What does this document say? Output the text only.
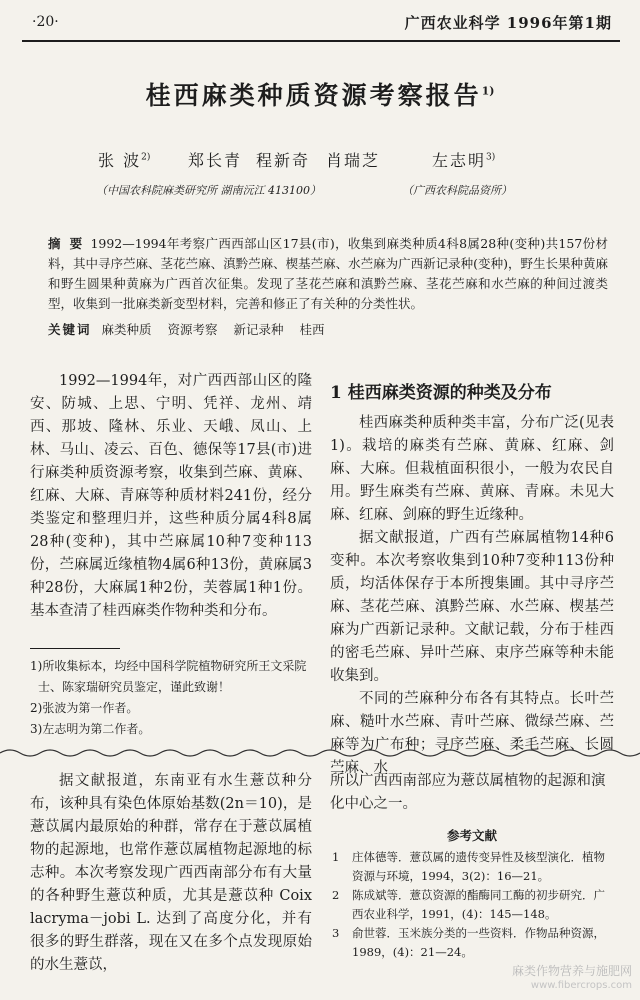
·20·	广西农业科学 1996年第1期
桂西麻类种质资源考察报告$^{1)}$
张 波$^{2)}$ 郑长青 程新奇 肖瑞芝	左志明$^{3)}$
（中国农科院麻类研究所 湖南沅江 413100）	（广西农科院品资所）
摘 要 1992—1994年考察广西西部山区17县(市)，收集到麻类种质4科8属28种(变种)共157份材料，其中寻序苎麻、茎花苎麻、滇黔苎麻、楔基苎麻、水苎麻为广西新记录种(变种)，野生长果种黄麻和野生圆果种黄麻为广西首次征集。发现了茎花苎麻和滇黔苎麻、茎花苎麻和水苎麻的种间过渡类型，收集到一批麻类新变型材料，完善和修正了有关种的分类性状。
关键词 麻类种质 资源考察 新记录种 桂西

1992—1994年，对广西西部山区的隆安、防城、上思、宁明、凭祥、龙州、靖西、那坡、隆林、乐业、天峨、凤山、上林、马山、凌云、百色、德保等17县(市)进行麻类种质资源考察，收集到苎麻、黄麻、红麻、大麻、青麻等种质材料241份，经分类鉴定和整理归并，这些种质分属4科8属28种(变种)，其中苎麻属10种7变种113份，苎麻属近缘植物4属6种13份，黄麻属3种28份，大麻属1种2份，芙蓉属1种1份。基本查清了桂西麻类作物种类和分布。

1)所收集标本，均经中国科学院植物研究所王文采院士、陈家瑞研究员鉴定，谨此致谢！
2)张波为第一作者。
3)左志明为第二作者。
1 桂西麻类资源的种类及分布

桂西麻类种质种类丰富，分布广泛(见表1)。栽培的麻类有苎麻、黄麻、红麻、剑麻、大麻。但栽植面积很小，一般为农民自用。野生麻类有苎麻、黄麻、青麻。未见大麻、红麻、剑麻的野生近缘种。

据文献报道，广西有苎麻属植物14种6变种。本次考察收集到10种7变种113份种质，均活体保存于本所搜集圃。其中寻序苎麻、茎花苎麻、滇黔苎麻、水苎麻、楔基苎麻为广西新记录种。文献记载，分布于桂西的密毛苎麻、异叶苎麻、束序苎麻等种未能收集到。

不同的苎麻种分布各有其特点。长叶苎麻、糙叶水苎麻、青叶苎麻、微绿苎麻、苎麻等为广布种；寻序苎麻、柔毛苎麻、长圆苎麻、水

据文献报道，东南亚有水生薏苡种分布，该种具有染色体原始基数(2n＝10)，是薏苡属内最原始的种群，常存在于薏苡属植物的起源地，也常作薏苡属植物起源地的标志种。本次考察发现广西西南部分布有大量的各种野生薏苡种质，尤其是薏苡种 Coix lacryma－jobi L. 达到了高度分化，并有很多的野生群落，现在又在多个点发现原始的水生薏苡，

所以广西西南部应为薏苡属植物的起源和演化中心之一。
参考文献
1 庄体德等．薏苡属的遗传变异性及核型演化．植物资源与环境，1994，3(2)：16—21。
2 陈成斌等．薏苡资源的酯酶同工酶的初步研究．广西农业科学，1991，(4)：145—148。
3 俞世蓉．玉米族分类的一些资料．作物品种资源，1989，(4)：21—24。
麻类作物营养与施肥网
www.fibercrops.com
